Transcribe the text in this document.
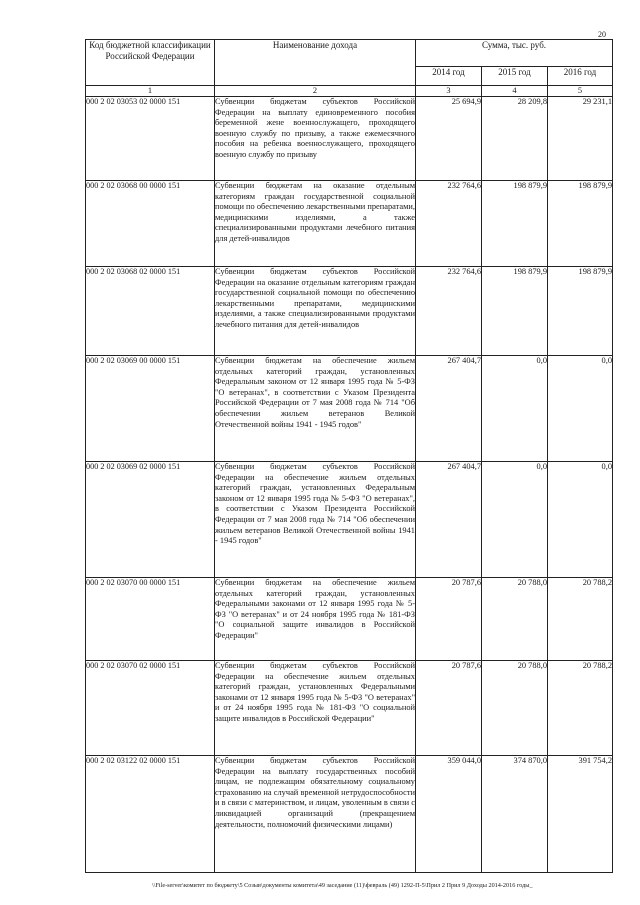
20
Код бюджетной классификации Российской Федерации	Наименование дохода	Сумма, тыс. руб.		
		2014 год	2015 год	2016 год
1	2	3	4	5
000 2 02 03053 02 0000 151	Субвенции бюджетам субъектов Российской Федерации на выплату единовременного пособия беременной жене военнослужащего, проходящего военную службу по призыву, а также ежемесячного пособия на ребенка военнослужащего, проходящего военную службу по призыву	25 694,9	28 209,8	29 231,1
000 2 02 03068 00 0000 151	Субвенции бюджетам на оказание отдельным категориям граждан государственной социальной помощи по обеспечению лекарственными препаратами, медицинскими изделиями, а также специализированными продуктами лечебного питания для детей-инвалидов	232 764,6	198 879,9	198 879,9
000 2 02 03068 02 0000 151	Субвенции бюджетам субъектов Российской Федерации на оказание отдельным категориям граждан государственной социальной помощи по обеспечению лекарственными препаратами, медицинскими изделиями, а также специализированными продуктами лечебного питания для детей-инвалидов	232 764,6	198 879,9	198 879,9
000 2 02 03069 00 0000 151	Субвенции бюджетам на обеспечение жильем отдельных категорий граждан, установленных Федеральным законом от 12 января 1995 года № 5-ФЗ "О ветеранах", в соответствии с Указом Президента Российской Федерации от 7 мая 2008 года № 714 "Об обеспечении жильем ветеранов Великой Отечественной войны 1941 - 1945 годов"	267 404,7	0,0	0,0
000 2 02 03069 02 0000 151	Субвенции бюджетам субъектов Российской Федерации на обеспечение жильем отдельных категорий граждан, установленных Федеральным законом от 12 января 1995 года № 5-ФЗ "О ветеранах", в соответствии с Указом Президента Российской Федерации от 7 мая 2008 года № 714 "Об обеспечении жильем ветеранов Великой Отечественной войны 1941 - 1945 годов"	267 404,7	0,0	0,0
000 2 02 03070 00 0000 151	Субвенции бюджетам на обеспечение жильем отдельных категорий граждан, установленных Федеральными законами от 12 января 1995 года № 5-ФЗ "О ветеранах" и от 24 ноября 1995 года № 181-ФЗ "О социальной защите инвалидов в Российской Федерации"	20 787,6	20 788,0	20 788,2
000 2 02 03070 02 0000 151	Субвенции бюджетам субъектов Российской Федерации на обеспечение жильем отдельных категорий граждан, установленных Федеральными законами от 12 января 1995 года № 5-ФЗ "О ветеранах" и от 24 ноября 1995 года № 181-ФЗ "О социальной защите инвалидов в Российской Федерации"	20 787,6	20 788,0	20 788,2
000 2 02 03122 02 0000 151	Субвенции бюджетам субъектов Российской Федерации на выплату государственных пособий лицам, не подлежащим обязательному социальному страхованию на случай временной нетрудоспособности и в связи с материнством, и лицам, уволенным в связи с ликвидацией организаций (прекращением деятельности, полномочий физическими лицами)	359 044,0	374 870,0	391 754,2
\\File-server\комитет по бюджету\5 Созыв\документы комитета\49 заседание (11)\февраль (49) 1292-П-5\Прил 2 Прил 9 Доходы 2014-2016 годы_
